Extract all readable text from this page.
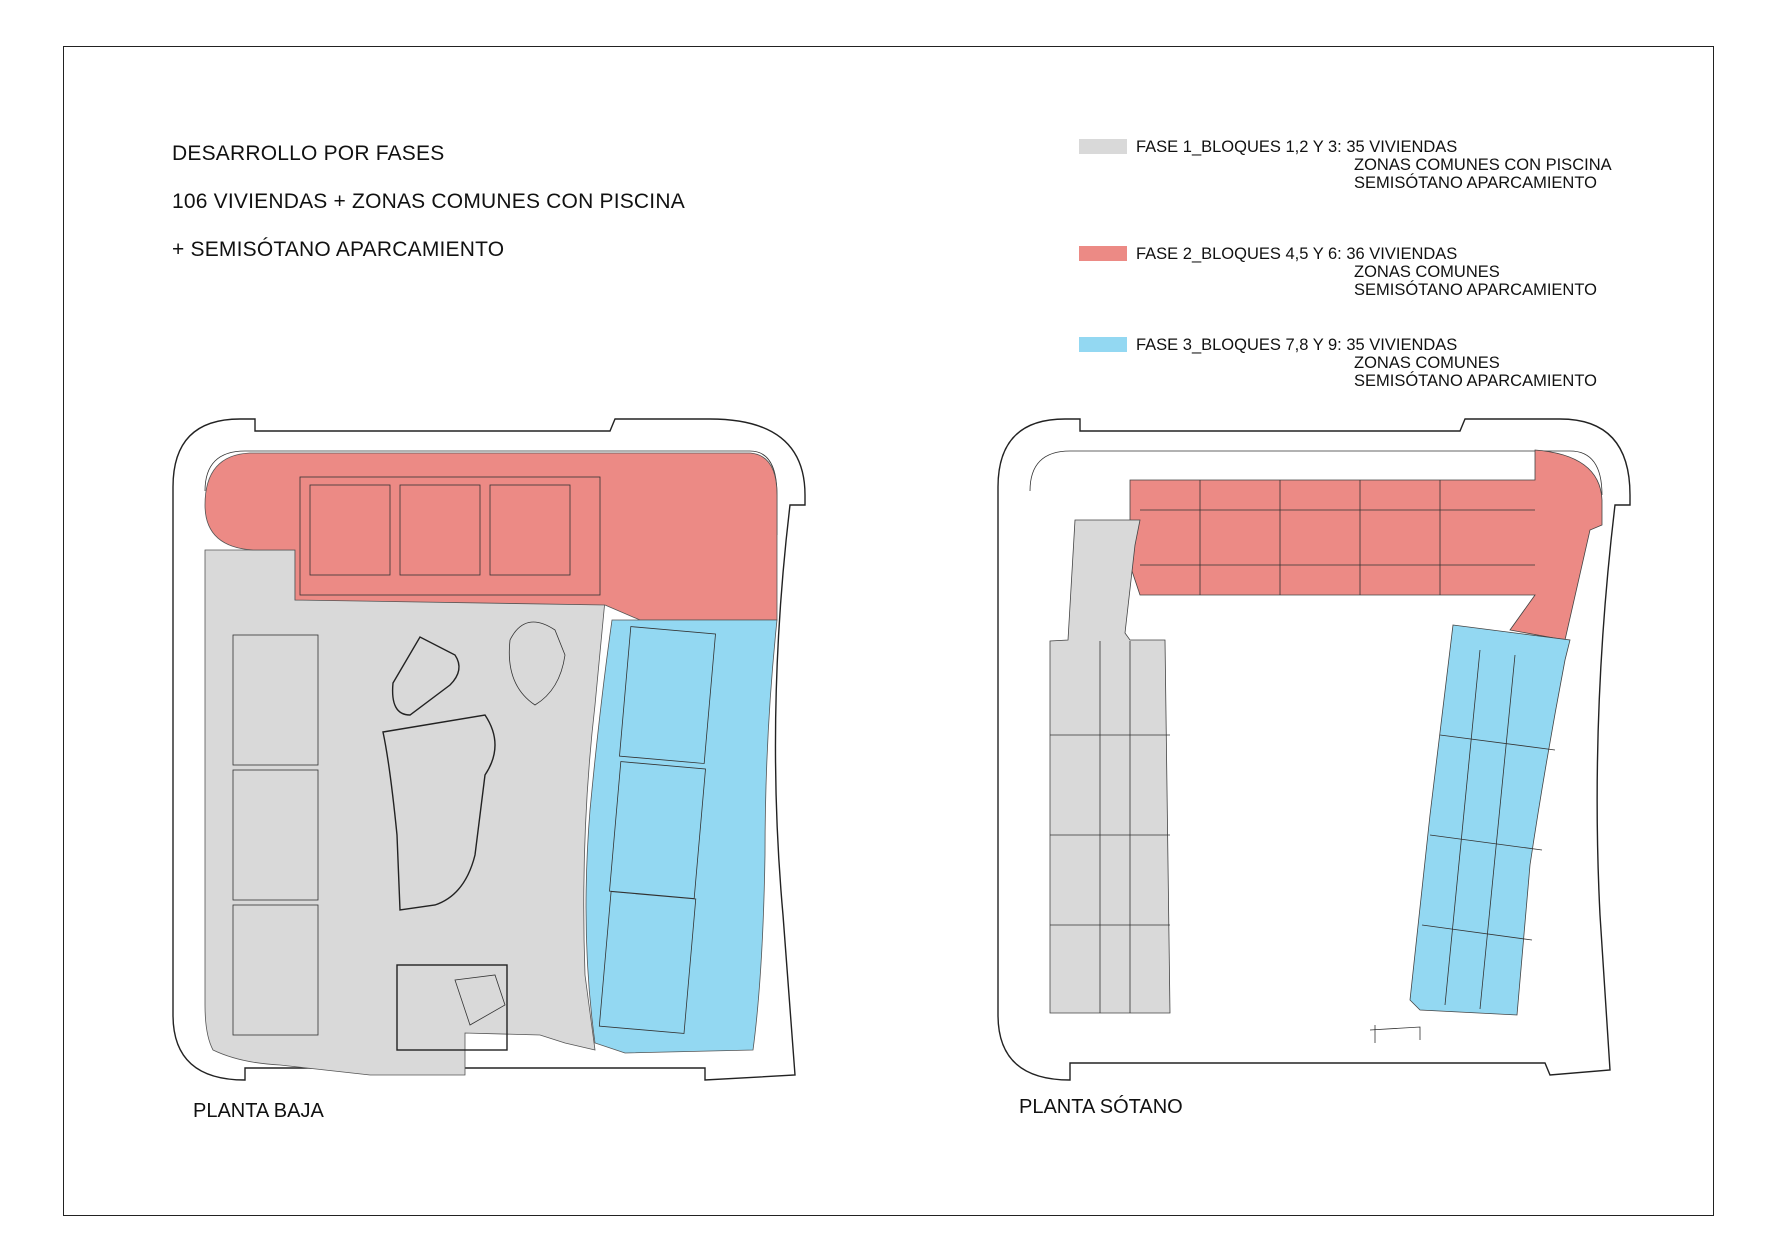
DESARROLLO POR FASES
106 VIVIENDAS + ZONAS COMUNES CON PISCINA
+ SEMISÓTANO APARCAMIENTO
FASE 1_BLOQUES 1,2 Y 3: 35 VIVIENDAS
ZONAS COMUNES CON PISCINA
SEMISÓTANO APARCAMIENTO
FASE 2_BLOQUES 4,5 Y 6: 36 VIVIENDAS
ZONAS COMUNES
SEMISÓTANO APARCAMIENTO
FASE 3_BLOQUES 7,8 Y 9: 35 VIVIENDAS
ZONAS COMUNES
SEMISÓTANO APARCAMIENTO
PLANTA BAJA	PLANTA SÓTANO
